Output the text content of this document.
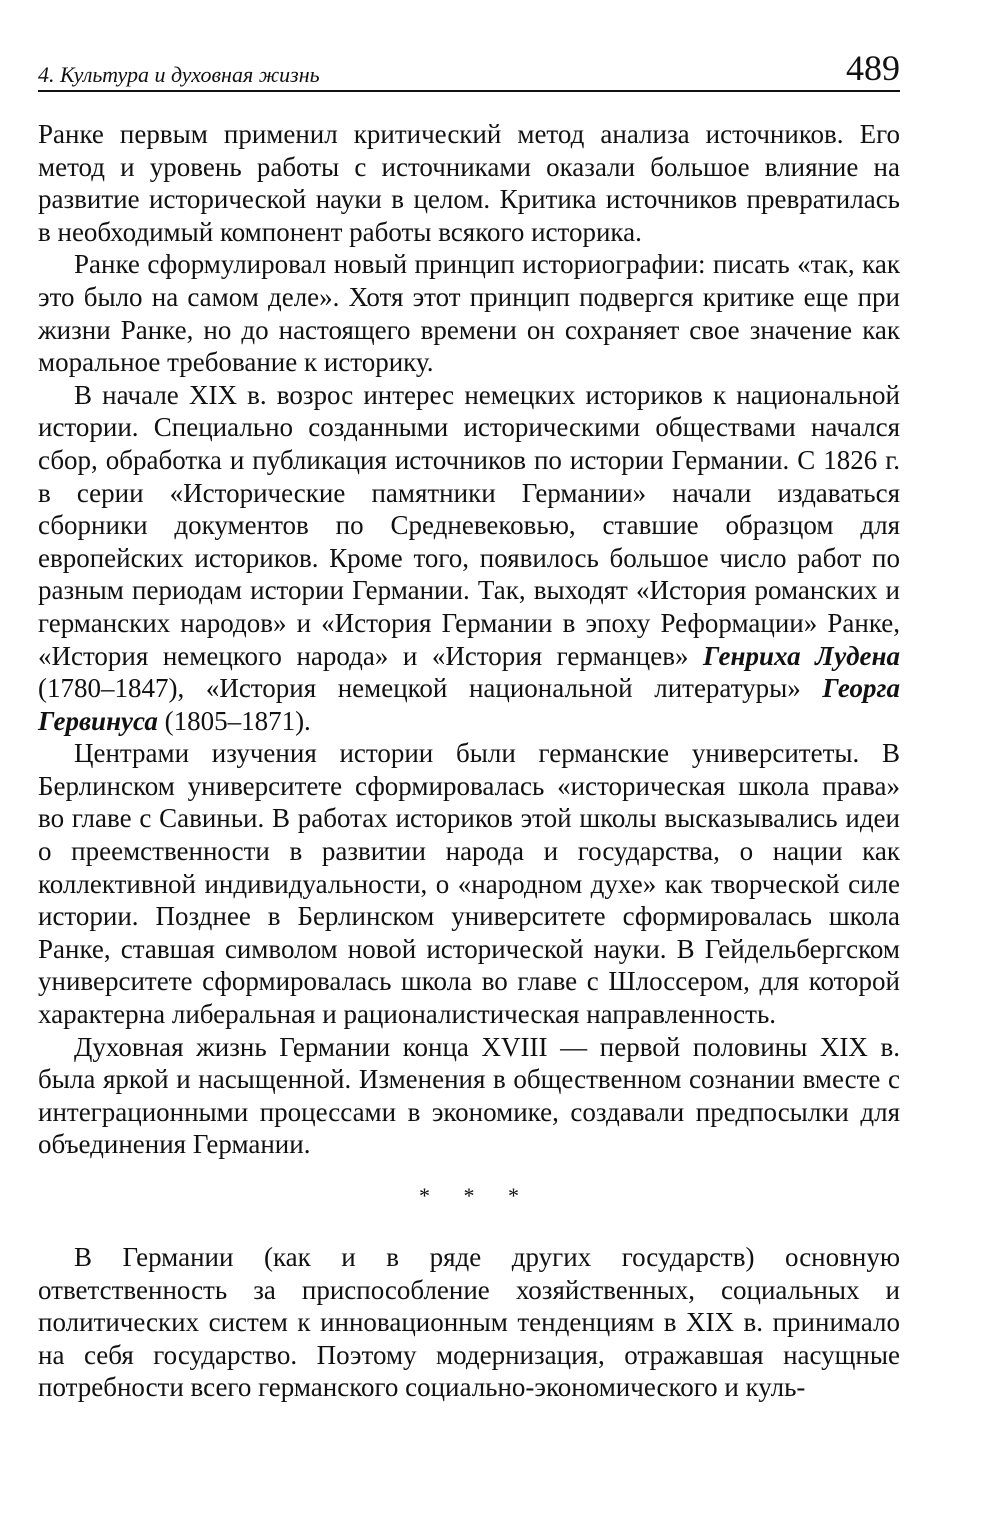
4. Культура и духовная жизнь	489

Ранке первым применил критический метод анализа источников. Его метод и уровень работы с источниками оказали большое влияние на развитие исторической науки в целом. Критика источников превратилась в необходимый компонент работы всякого историка.

Ранке сформулировал новый принцип историографии: писать «так, как это было на самом деле». Хотя этот принцип подвергся критике еще при жизни Ранке, но до настоящего времени он сохраняет свое значение как моральное требование к историку.

В начале XIX в. возрос интерес немецких историков к национальной истории. Специально созданными историческими обществами начался сбор, обработка и публикация источников по истории Германии. С 1826 г. в серии «Исторические памятники Германии» начали издаваться сборники документов по Средневековью, ставшие образцом для европейских историков. Кроме того, появилось большое число работ по разным периодам истории Германии. Так, выходят «История романских и германских народов» и «История Германии в эпоху Реформации» Ранке, «История немецкого народа» и «История германцев» Генриха Лудена (1780–1847), «История немецкой национальной литературы» Георга Гервинуса (1805–1871).

Центрами изучения истории были германские университеты. В Берлинском университете сформировалась «историческая школа права» во главе с Савиньи. В работах историков этой школы высказывались идеи о преемственности в развитии народа и государства, о нации как коллективной индивидуальности, о «народном духе» как творческой силе истории. Позднее в Берлинском университете сформировалась школа Ранке, ставшая символом новой исторической науки. В Гейдельбергском университете сформировалась школа во главе с Шлоссером, для которой характерна либеральная и рационалистическая направленность.

Духовная жизнь Германии конца XVIII — первой половины XIX в. была яркой и насыщенной. Изменения в общественном сознании вместе с интеграционными процессами в экономике, создавали предпосылки для объединения Германии.

* * *

В Германии (как и в ряде других государств) основную ответственность за приспособление хозяйственных, социальных и политических систем к инновационным тенденциям в XIX в. принимало на себя государство. Поэтому модернизация, отражавшая насущные потребности всего германского социально-экономического и куль-
